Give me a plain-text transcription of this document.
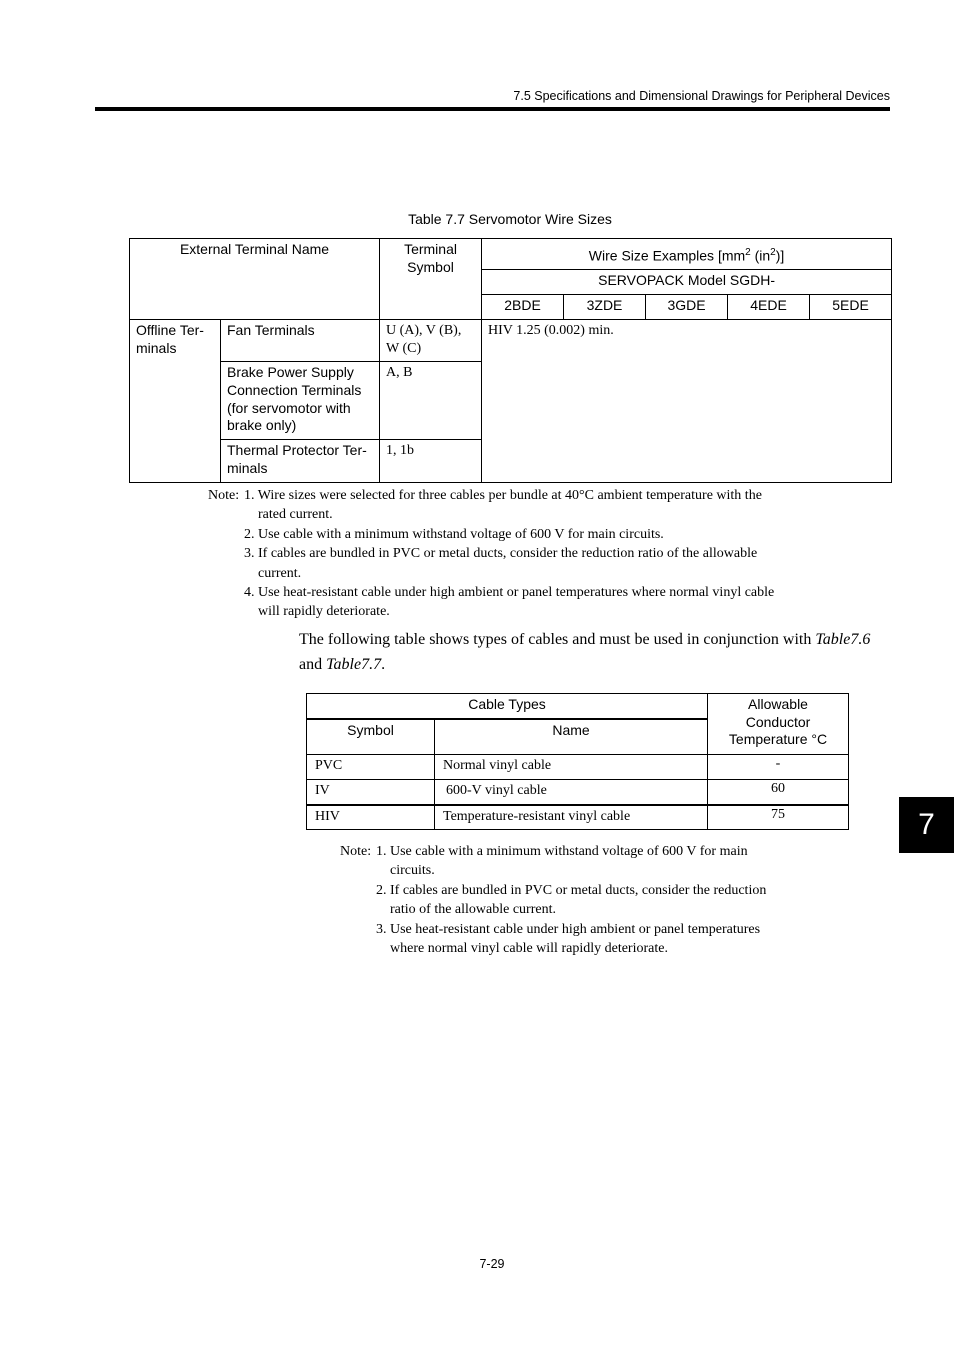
7.5 Specifications and Dimensional Drawings for Peripheral Devices
Table 7.7 Servomotor Wire Sizes
External Terminal Name		Terminal Symbol	Wire Size Examples [$mm^2$ $(in^2)$]				
			SERVOPACK Model SGDH-				
			2BDE	3ZDE	3GDE	4EDE	5EDE
Offline Ter-minals	Fan Terminals	U (A), V (B), W (C)	HIV 1.25 (0.002) min.				
	Brake Power Supply Connection Terminals (for servomotor with brake only)	A, B					
	Thermal Protector Ter-minals	1, 1b					
Note: 1. Wire sizes were selected for three cables per bundle at 40°C ambient temperature with the rated current.
2. Use cable with a minimum withstand voltage of 600 V for main circuits.
3. If cables are bundled in PVC or metal ducts, consider the reduction ratio of the allowable current.
4. Use heat-resistant cable under high ambient or panel temperatures where normal vinyl cable will rapidly deteriorate.
The following table shows types of cables and must be used in conjunction with Table7.6 and Table7.7.
Cable Types		Allowable Conductor Temperature °C
Symbol	Name	
PVC	Normal vinyl cable	-
IV	600-V vinyl cable	60
HIV	Temperature-resistant vinyl cable	75
Note: 1. Use cable with a minimum withstand voltage of 600 V for main circuits.
2. If cables are bundled in PVC or metal ducts, consider the reduction ratio of the allowable current.
3. Use heat-resistant cable under high ambient or panel temperatures where normal vinyl cable will rapidly deteriorate.
7
7-29
